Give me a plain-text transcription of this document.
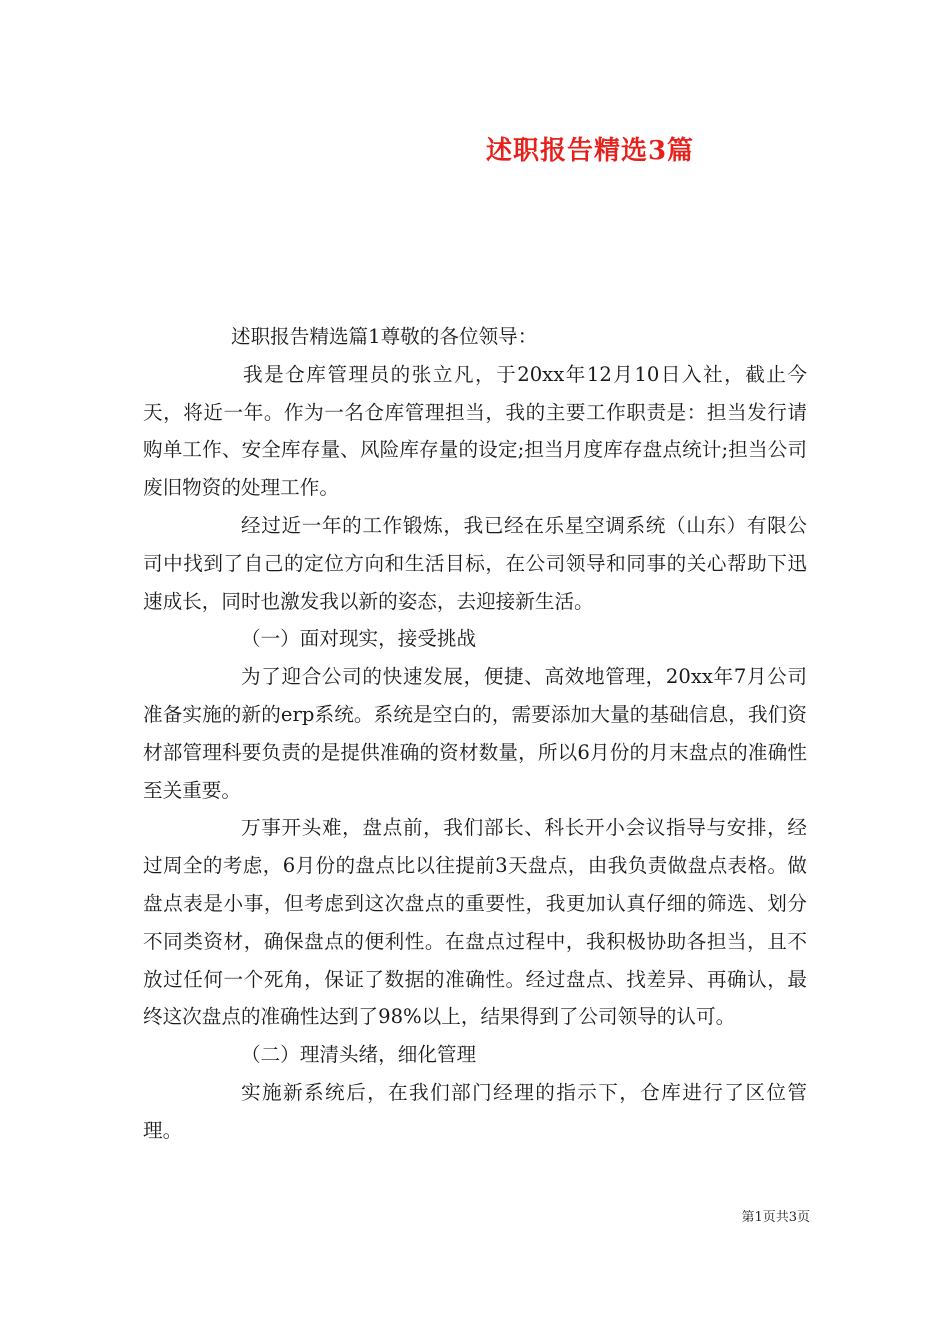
述职报告精选3篇

述职报告精选篇1尊敬的各位领导：

我是仓库管理员的张立凡，于20xx年12月10日入社，截止今天，将近一年。作为一名仓库管理担当，我的主要工作职责是：担当发行请购单工作、安全库存量、风险库存量的设定;担当月度库存盘点统计;担当公司废旧物资的处理工作。

经过近一年的工作锻炼，我已经在乐星空调系统（山东）有限公司中找到了自己的定位方向和生活目标，在公司领导和同事的关心帮助下迅速成长，同时也激发我以新的姿态，去迎接新生活。

（一）面对现实，接受挑战

为了迎合公司的快速发展，便捷、高效地管理，20xx年7月公司准备实施的新的erp系统。系统是空白的，需要添加大量的基础信息，我们资材部管理科要负责的是提供准确的资材数量，所以6月份的月末盘点的准确性至关重要。

万事开头难，盘点前，我们部长、科长开小会议指导与安排，经过周全的考虑，6月份的盘点比以往提前3天盘点，由我负责做盘点表格。做盘点表是小事，但考虑到这次盘点的重要性，我更加认真仔细的筛选、划分不同类资材，确保盘点的便利性。在盘点过程中，我积极协助各担当，且不放过任何一个死角，保证了数据的准确性。经过盘点、找差异、再确认，最终这次盘点的准确性达到了98%以上，结果得到了公司领导的认可。

（二）理清头绪，细化管理

实施新系统后，在我们部门经理的指示下，仓库进行了区位管理。

第1页共3页
